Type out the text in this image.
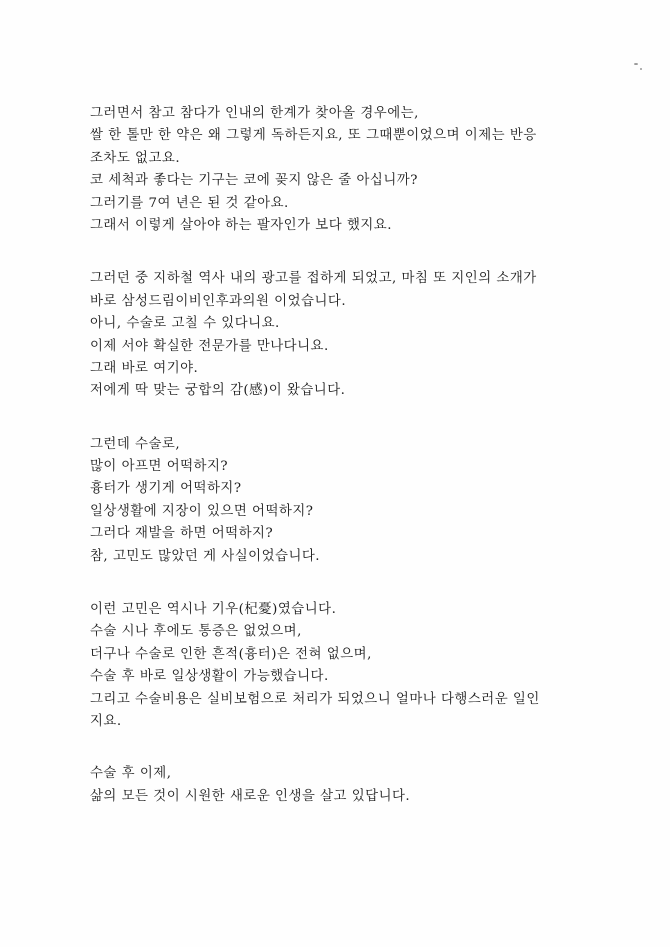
그러면서 참고 참다가 인내의 한계가 찾아올 경우에는,
쌀 한 톨만 한 약은 왜 그렇게 독하든지요, 또 그때뿐이었으며 이제는 반응
조차도 없고요.
코 세척과 좋다는 기구는 코에 꽂지 않은 줄 아십니까?
그러기를 7여 년은 된 것 같아요.
그래서 이렇게 살아야 하는 팔자인가 보다 했지요.
그러던 중 지하철 역사 내의 광고를 접하게 되었고, 마침 또 지인의 소개가
바로 삼성드림이비인후과의원 이었습니다.
아니, 수술로 고칠 수 있다니요.
이제 서야 확실한 전문가를 만나다니요.
그래 바로 여기야.
저에게 딱 맞는 궁합의 감(感)이 왔습니다.
그런데 수술로,
많이 아프면 어떡하지?
흉터가 생기게 어떡하지?
일상생활에 지장이 있으면 어떡하지?
그러다 재발을 하면 어떡하지?
참, 고민도 많았던 게 사실이었습니다.
이런 고민은 역시나 기우(杞憂)였습니다.
수술 시나 후에도 통증은 없었으며,
더구나 수술로 인한 흔적(흉터)은 전혀 없으며,
수술 후 바로 일상생활이 가능했습니다.
그리고 수술비용은 실비보험으로 처리가 되었으니 얼마나 다행스러운 일인
지요.
수술 후 이제,
삶의 모든 것이 시원한 새로운 인생을 살고 있답니다.
